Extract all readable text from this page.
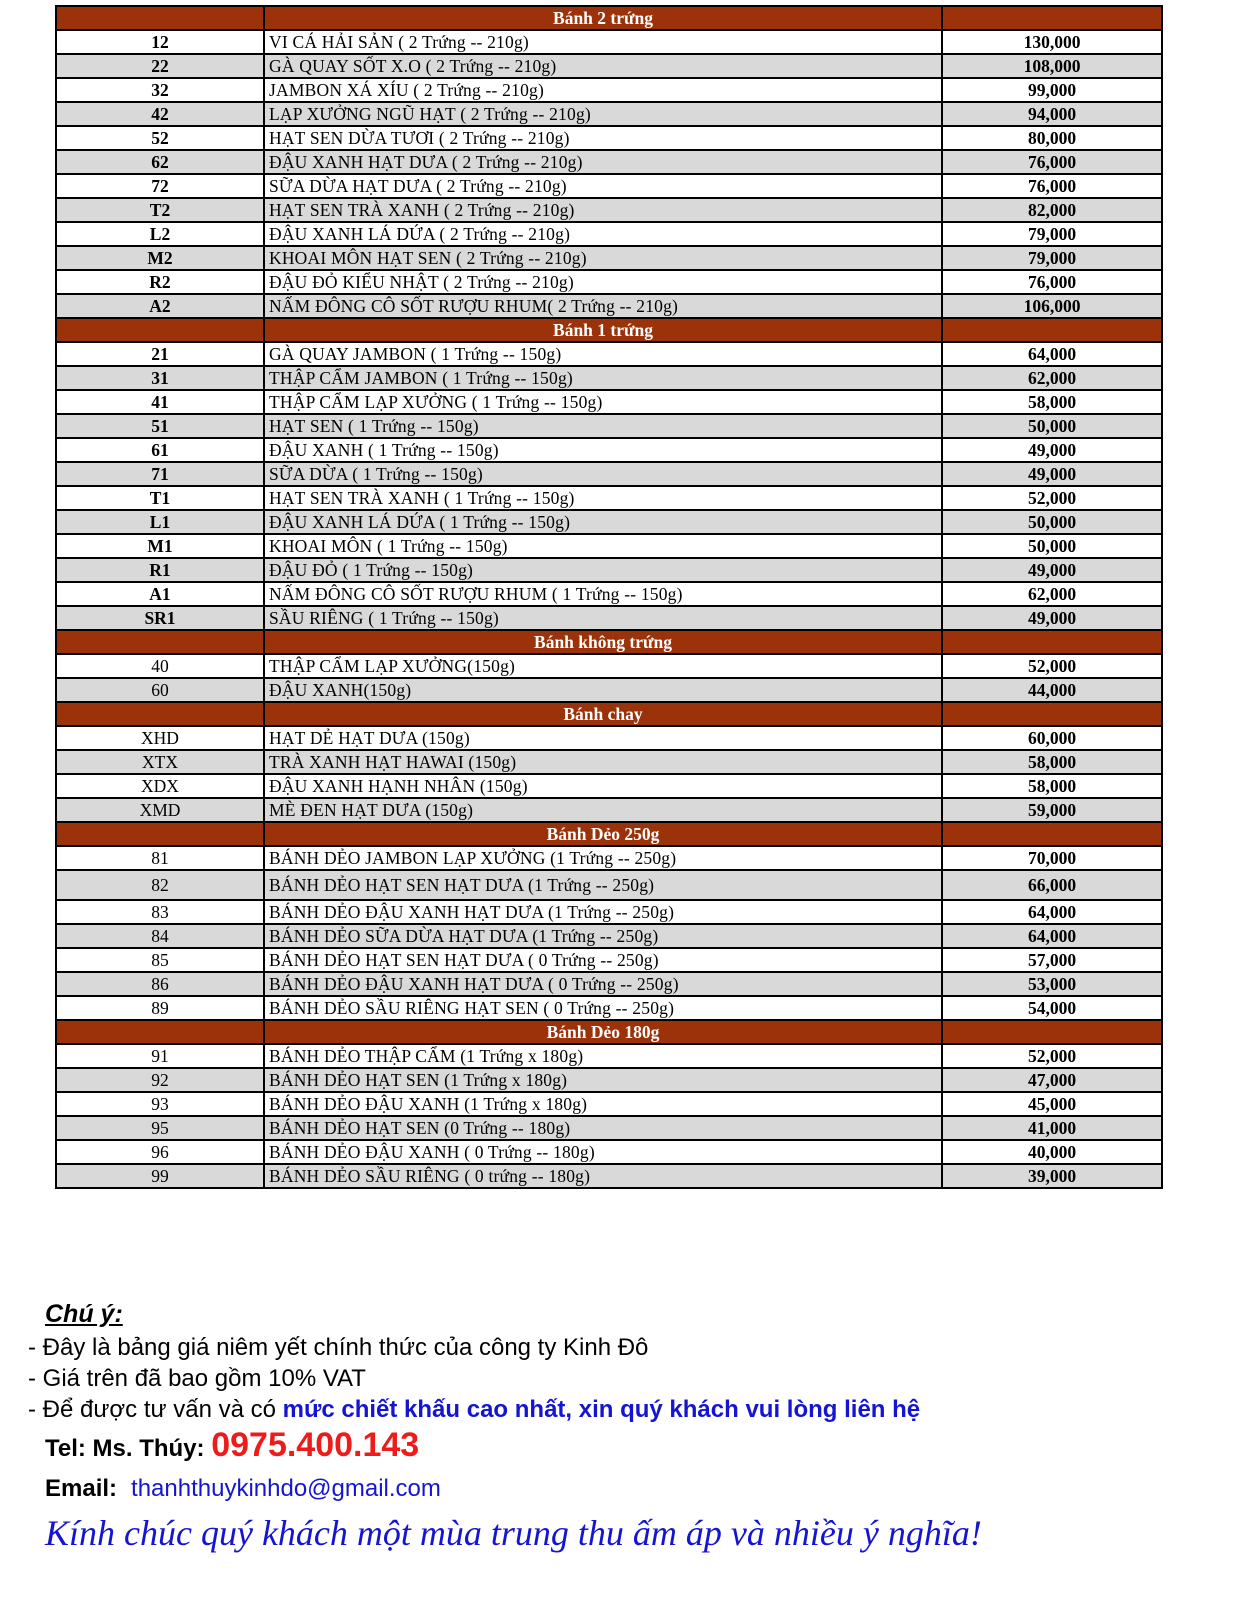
	Bánh 2 trứng	
12	VI CÁ HẢI SẢN ( 2 Trứng -- 210g)	130,000
22	GÀ QUAY SỐT X.O ( 2 Trứng -- 210g)	108,000
32	JAMBON XÁ XÍU ( 2 Trứng -- 210g)	99,000
42	LẠP XƯỞNG NGŨ HẠT ( 2 Trứng -- 210g)	94,000
52	HẠT SEN DỪA TƯƠI ( 2 Trứng -- 210g)	80,000
62	ĐẬU XANH HẠT DƯA ( 2 Trứng -- 210g)	76,000
72	SỮA DỪA HẠT DƯA ( 2 Trứng -- 210g)	76,000
T2	HẠT SEN TRÀ XANH ( 2 Trứng -- 210g)	82,000
L2	ĐẬU XANH LÁ DỨA ( 2 Trứng -- 210g)	79,000
M2	KHOAI MÔN HẠT SEN ( 2 Trứng -- 210g)	79,000
R2	ĐẬU ĐỎ KIỂU NHẬT ( 2 Trứng -- 210g)	76,000
A2	NẤM ĐÔNG CÔ SỐT RƯỢU RHUM( 2 Trứng -- 210g)	106,000
	Bánh 1 trứng	
21	GÀ QUAY JAMBON ( 1 Trứng -- 150g)	64,000
31	THẬP CẨM JAMBON ( 1 Trứng -- 150g)	62,000
41	THẬP CẨM LẠP XƯỞNG ( 1 Trứng -- 150g)	58,000
51	HẠT SEN ( 1 Trứng -- 150g)	50,000
61	ĐẬU XANH ( 1 Trứng -- 150g)	49,000
71	SỮA DỪA ( 1 Trứng -- 150g)	49,000
T1	HẠT SEN TRÀ XANH ( 1 Trứng -- 150g)	52,000
L1	ĐẬU XANH LÁ DỨA ( 1 Trứng -- 150g)	50,000
M1	KHOAI MÔN ( 1 Trứng -- 150g)	50,000
R1	ĐẬU ĐỎ ( 1 Trứng -- 150g)	49,000
A1	NẤM ĐÔNG CÔ SỐT RƯỢU RHUM ( 1 Trứng -- 150g)	62,000
SR1	SẦU RIÊNG ( 1 Trứng -- 150g)	49,000
	Bánh không trứng	
40	THẬP CẨM LẠP XƯỞNG(150g)	52,000
60	ĐẬU XANH(150g)	44,000
	Bánh chay	
XHD	HẠT DẺ HẠT DƯA (150g)	60,000
XTX	TRÀ XANH HẠT HAWAI (150g)	58,000
XDX	ĐẬU XANH HẠNH NHÂN (150g)	58,000
XMD	MÈ ĐEN HẠT DƯA (150g)	59,000
	Bánh Dẻo 250g	
81	BÁNH DẺO JAMBON LẠP XƯỞNG (1 Trứng -- 250g)	70,000
82	BÁNH DẺO HẠT SEN HẠT DƯA (1 Trứng -- 250g)	66,000
83	BÁNH DẺO ĐẬU XANH HẠT DƯA (1 Trứng -- 250g)	64,000
84	BÁNH DẺO SỮA DỪA HẠT DƯA (1 Trứng -- 250g)	64,000
85	BÁNH DẺO HẠT SEN HẠT DƯA ( 0 Trứng -- 250g)	57,000
86	BÁNH DẺO ĐẬU XANH HẠT DƯA ( 0 Trứng -- 250g)	53,000
89	BÁNH DẺO SẦU RIÊNG HẠT SEN ( 0 Trứng -- 250g)	54,000
	Bánh Dẻo 180g	
91	BÁNH DẺO THẬP CẨM (1 Trứng x 180g)	52,000
92	BÁNH DẺO HẠT SEN (1 Trứng x 180g)	47,000
93	BÁNH DẺO ĐẬU XANH (1 Trứng x 180g)	45,000
95	BÁNH DẺO HẠT SEN (0 Trứng -- 180g)	41,000
96	BÁNH DẺO ĐẬU XANH ( 0 Trứng -- 180g)	40,000
99	BÁNH DẺO SẦU RIÊNG ( 0 trứng -- 180g)	39,000
Chú ý:
- Đây là bảng giá niêm yết chính thức của công ty Kinh Đô
- Giá trên đã bao gồm 10% VAT
- Để được tư vấn và có mức chiết khấu cao nhất, xin quý khách vui lòng liên hệ
Tel: Ms. Thúy: 0975.400.143
Email: thanhthuykinhdo@gmail.com
Kính chúc quý khách một mùa trung thu ấm áp và nhiều ý nghĩa!
